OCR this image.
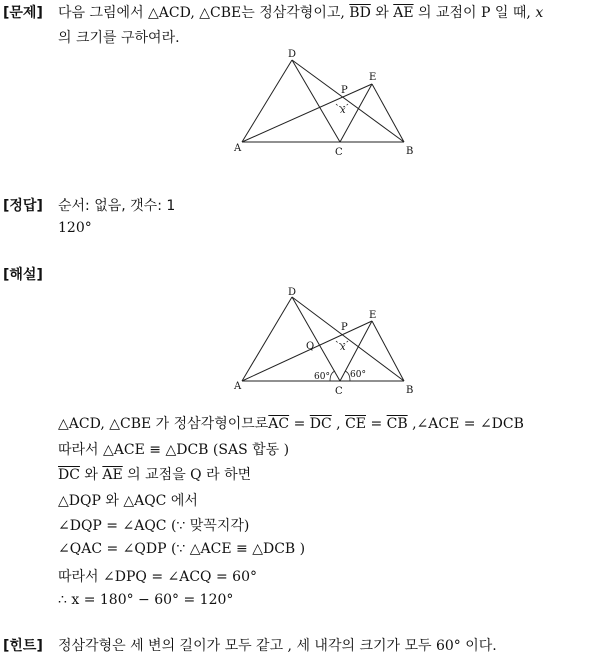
[문제] 다음 그림에서 △ACD, △CBE는 정삼각형이고, $\overline{BD}$ 와 $\overline{AE}$ 의 교점이 P 일 때, x
의 크기를 구하여라.
D
E
P
x
A	C	B
[정답] 순서: 없음, 갯수: 1
120°
[해설]
D
E
P
Q	x
A	C	B
60° 60°
△ACD, △CBE 가 정삼각형이므로$\overline{AC} = \overline{DC}$ , $\overline{CE} = \overline{CB}$ ,∠ACE = ∠DCB
따라서 △ACE ≡ △DCB (SAS 합동 )
$\overline{DC}$ 와 $\overline{AE}$ 의 교점을 Q 라 하면
△DQP 와 △AQC 에서
∠DQP = ∠AQC (∵ 맞꼭지각)
∠QAC = ∠QDP (∵ △ACE ≡ △DCB )
따라서 ∠DPQ = ∠ACQ = 60°
∴ x = 180° − 60° = 120°
[힌트] 정삼각형은 세 변의 길이가 모두 같고 , 세 내각의 크기가 모두 60° 이다.
